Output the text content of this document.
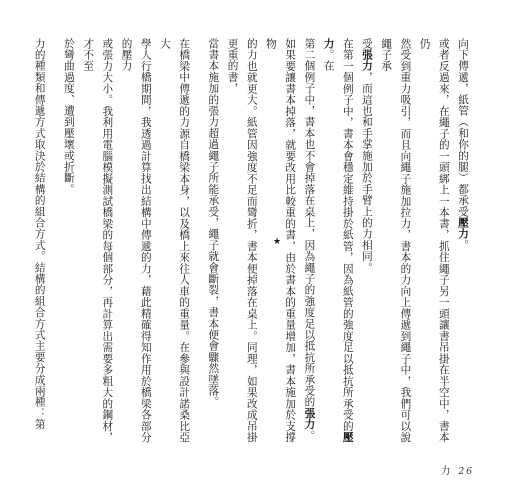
向下傳遞，紙管（和你的腿）都承受壓力。

或者反過來，在繩子的一頭綁上一本書，抓住繩子另一頭讓書吊掛在半空中，書本仍

然受到重力吸引，而且向繩子施加拉力，書本的力向上傳遞到繩子中，我們可以說繩子承

受張力，而這也和手掌施加於手臂上的力相同。

在第一個例子中，書本會穩定維持掛於紙管，因為紙管的強度足以抵抗所承受的壓力。在

第二個例子中，書本也不會掉落在桌上，因為繩子的強度足以抵抗所承受的張力。

如果要讓書本掉落，就要改用比較重的書，由於書本的重量增加，書本施加於支撐物

的力也就更大。紙管因強度不足而彎折，書本便掉落在桌上。同理，如果改成吊掛更重的書，

當書本施加的張力超過繩子所能承受，繩子就會斷裂，書本便會驟然墜落。

在橋梁中傳遞的力源自橋梁本身，以及橋上來往人車的重量。在參與設計諾桑比亞大

學人行橋期間，我透過計算找出結構中傳遞的力，藉此精確得知作用於橋梁各部分的壓力

或張力大小。我利用電腦模擬測試橋梁的每個部分，再計算出需要多粗大的鋼材，才不至

於彎曲過度、遭到壓壞或折斷。

力的種類和傳遞方式取決於結構的組合方式。結構的組合方式主要分成兩種：第	★
力 26
